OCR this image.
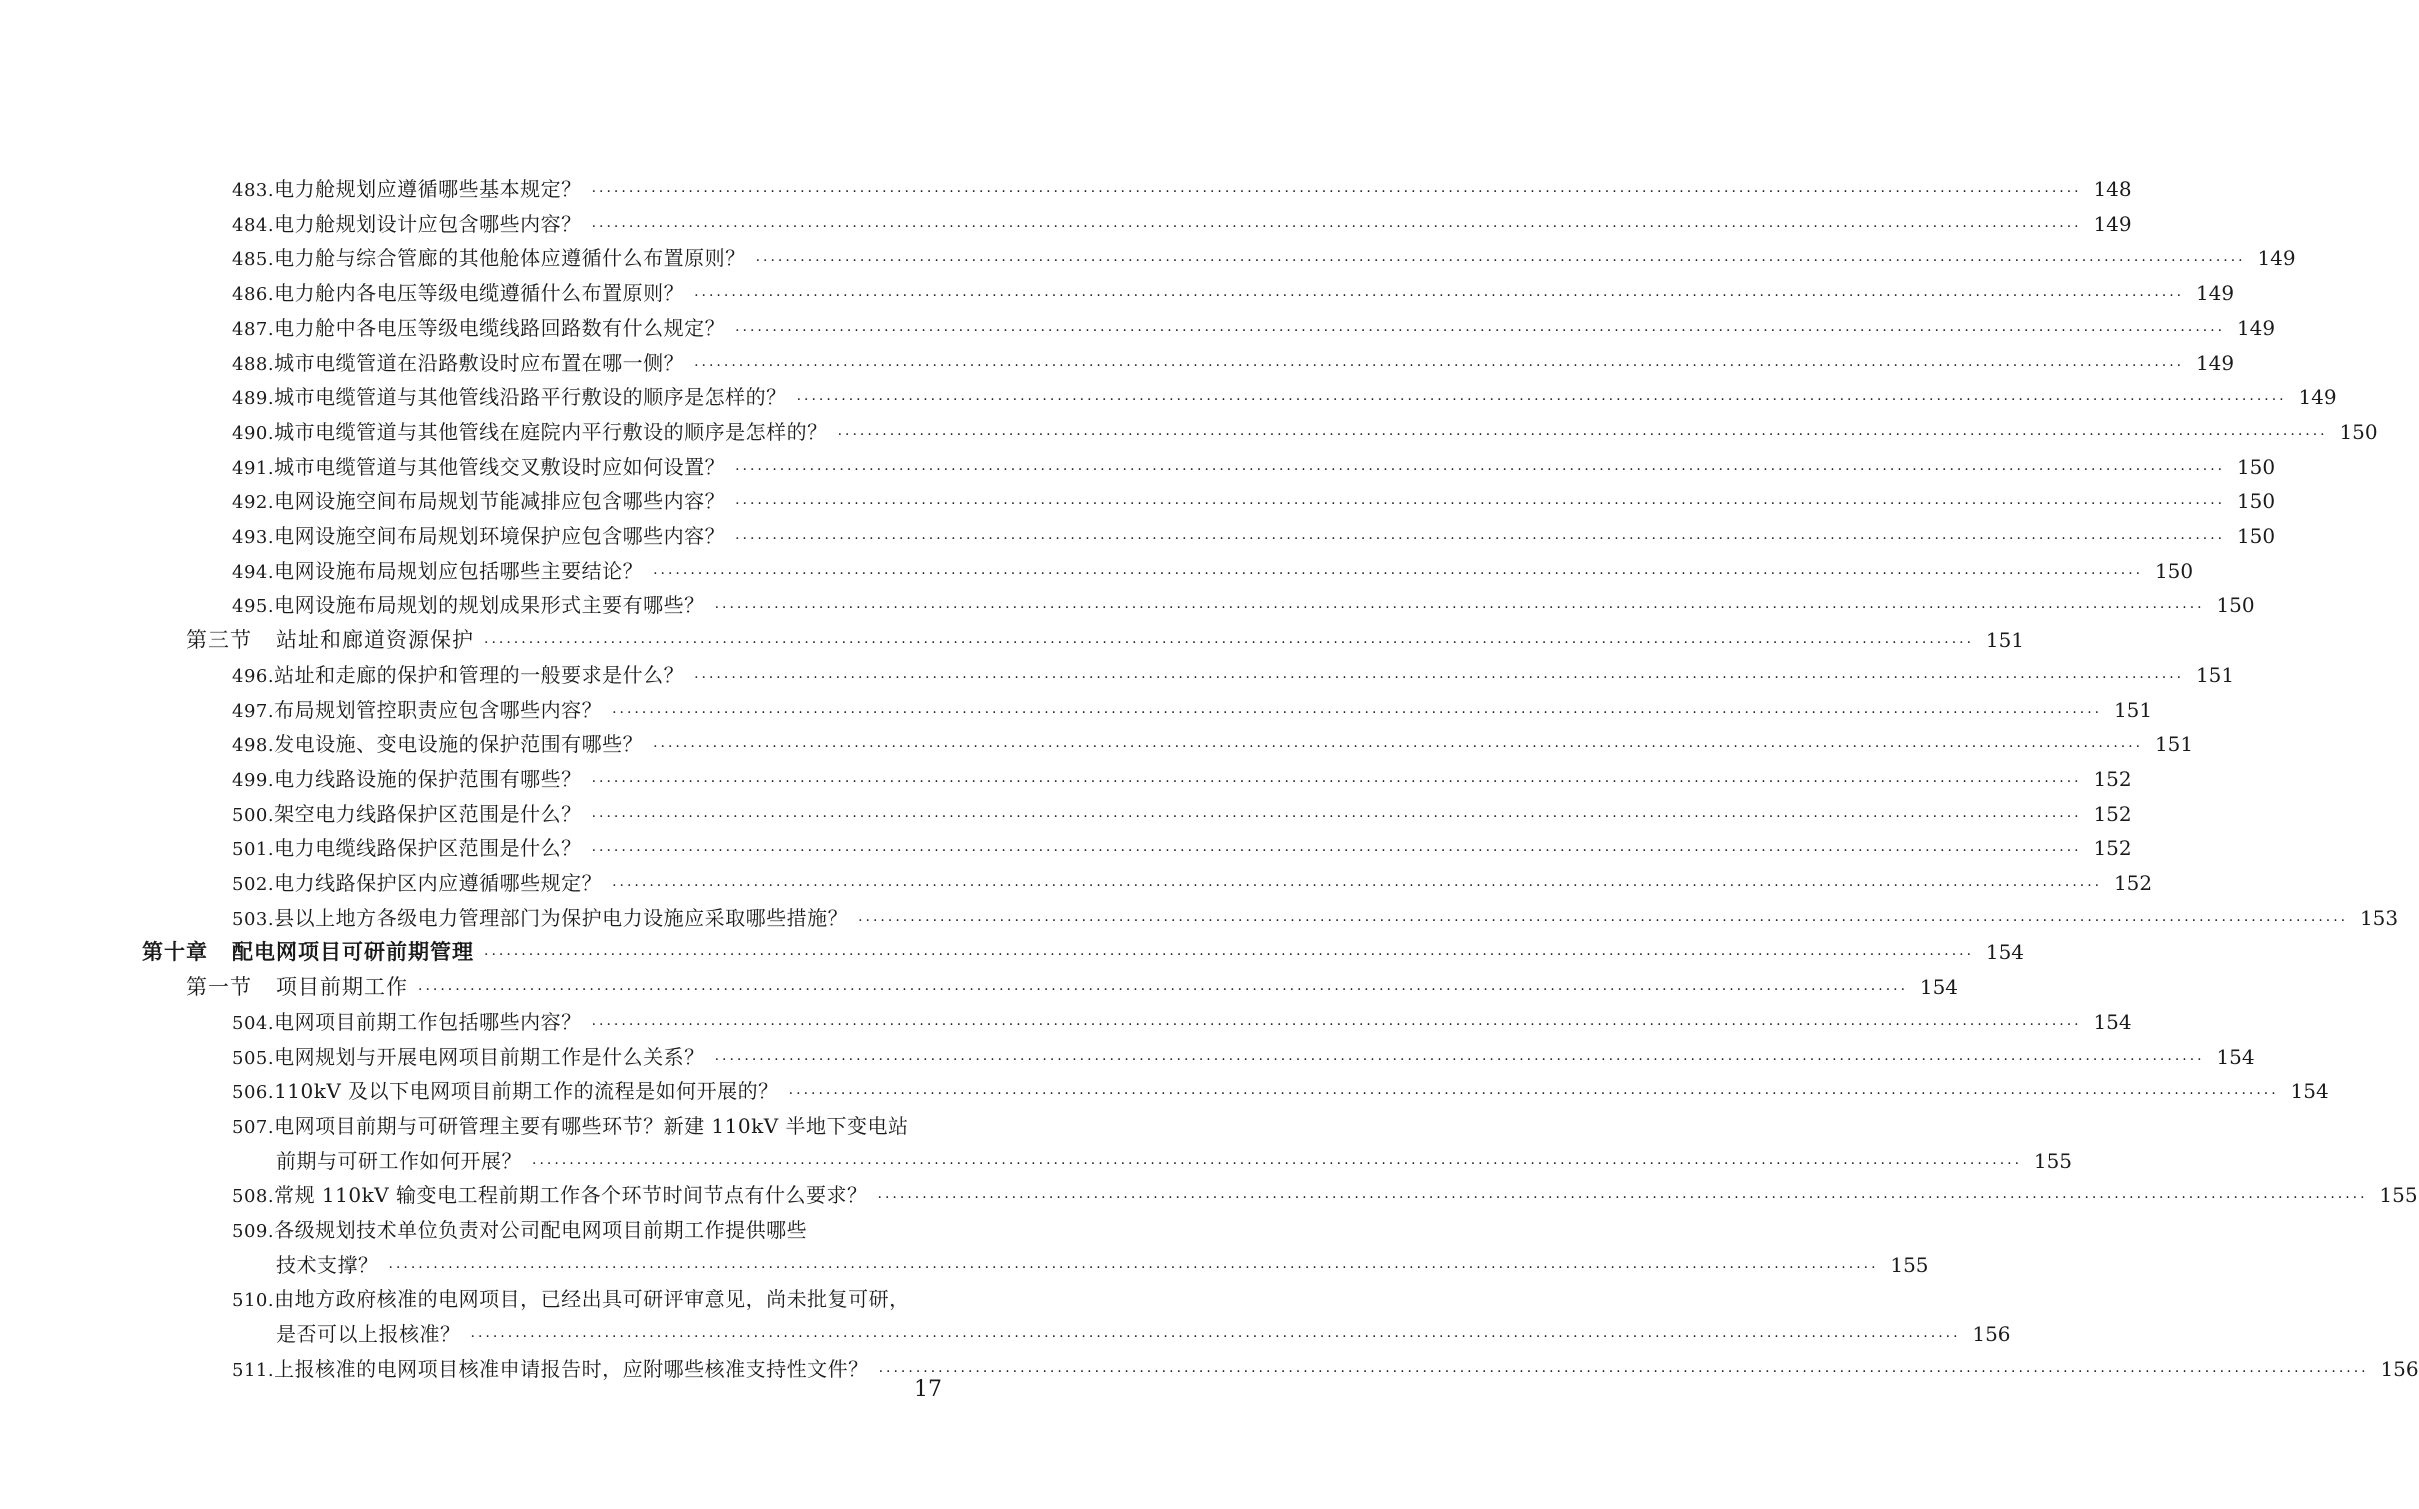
483. 电力舱规划应遵循哪些基本规定？ ········································································································································································································ 148
484. 电力舱规划设计应包含哪些内容？ ········································································································································································································ 149
485. 电力舱与综合管廊的其他舱体应遵循什么布置原则？ ········································································································································································································ 149
486. 电力舱内各电压等级电缆遵循什么布置原则？ ········································································································································································································ 149
487. 电力舱中各电压等级电缆线路回路数有什么规定？ ········································································································································································································ 149
488. 城市电缆管道在沿路敷设时应布置在哪一侧？ ········································································································································································································ 149
489. 城市电缆管道与其他管线沿路平行敷设的顺序是怎样的？ ········································································································································································································ 149
490. 城市电缆管道与其他管线在庭院内平行敷设的顺序是怎样的？ ········································································································································································································ 150
491. 城市电缆管道与其他管线交叉敷设时应如何设置？ ········································································································································································································ 150
492. 电网设施空间布局规划节能减排应包含哪些内容？ ········································································································································································································ 150
493. 电网设施空间布局规划环境保护应包含哪些内容？ ········································································································································································································ 150
494. 电网设施布局规划应包括哪些主要结论？ ········································································································································································································ 150
495. 电网设施布局规划的规划成果形式主要有哪些？ ········································································································································································································ 150
第三节 站址和廊道资源保护 ········································································································································································································ 151
496. 站址和走廊的保护和管理的一般要求是什么？ ········································································································································································································ 151
497. 布局规划管控职责应包含哪些内容？ ········································································································································································································ 151
498. 发电设施、变电设施的保护范围有哪些？ ········································································································································································································ 151
499. 电力线路设施的保护范围有哪些？ ········································································································································································································ 152
500. 架空电力线路保护区范围是什么？ ········································································································································································································ 152
501. 电力电缆线路保护区范围是什么？ ········································································································································································································ 152
502. 电力线路保护区内应遵循哪些规定？ ········································································································································································································ 152
503. 县以上地方各级电力管理部门为保护电力设施应采取哪些措施？ ········································································································································································································ 153
第十章 配电网项目可研前期管理 ········································································································································································································ 154
第一节 项目前期工作 ········································································································································································································ 154
504. 电网项目前期工作包括哪些内容？ ········································································································································································································ 154
505. 电网规划与开展电网项目前期工作是什么关系？ ········································································································································································································ 154
506. 110kV 及以下电网项目前期工作的流程是如何开展的？ ········································································································································································································ 154
507. 电网项目前期与可研管理主要有哪些环节？新建 110kV 半地下变电站
前期与可研工作如何开展？ ········································································································································································································ 155
508. 常规 110kV 输变电工程前期工作各个环节时间节点有什么要求？ ········································································································································································································ 155
509. 各级规划技术单位负责对公司配电网项目前期工作提供哪些
技术支撑？ ········································································································································································································ 155
510. 由地方政府核准的电网项目，已经出具可研评审意见，尚未批复可研，
是否可以上报核准？ ········································································································································································································ 156
511. 上报核准的电网项目核准申请报告时，应附哪些核准支持性文件？ ········································································································································································································ 156
17
